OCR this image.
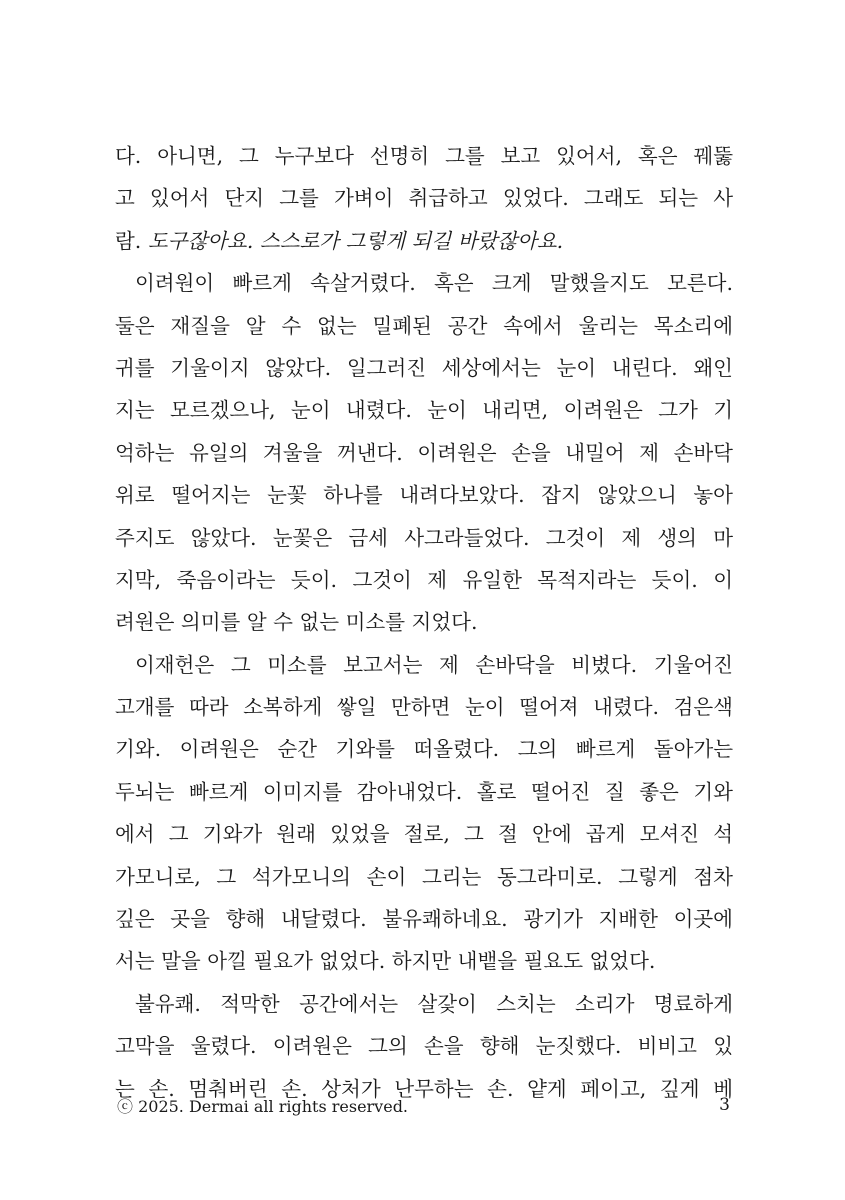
다. 아니면, 그 누구보다 선명히 그를 보고 있어서, 혹은 꿰뚫
고 있어서 단지 그를 가벼이 취급하고 있었다. 그래도 되는 사
람. 도구잖아요. 스스로가 그렇게 되길 바랐잖아요.
이려원이 빠르게 속살거렸다. 혹은 크게 말했을지도 모른다.
둘은 재질을 알 수 없는 밀폐된 공간 속에서 울리는 목소리에
귀를 기울이지 않았다. 일그러진 세상에서는 눈이 내린다. 왜인
지는 모르겠으나, 눈이 내렸다. 눈이 내리면, 이려원은 그가 기
억하는 유일의 겨울을 꺼낸다. 이려원은 손을 내밀어 제 손바닥
위로 떨어지는 눈꽃 하나를 내려다보았다. 잡지 않았으니 놓아
주지도 않았다. 눈꽃은 금세 사그라들었다. 그것이 제 생의 마
지막, 죽음이라는 듯이. 그것이 제 유일한 목적지라는 듯이. 이
려원은 의미를 알 수 없는 미소를 지었다.
이재헌은 그 미소를 보고서는 제 손바닥을 비볐다. 기울어진
고개를 따라 소복하게 쌓일 만하면 눈이 떨어져 내렸다. 검은색
기와. 이려원은 순간 기와를 떠올렸다. 그의 빠르게 돌아가는
두뇌는 빠르게 이미지를 감아내었다. 홀로 떨어진 질 좋은 기와
에서 그 기와가 원래 있었을 절로, 그 절 안에 곱게 모셔진 석
가모니로, 그 석가모니의 손이 그리는 동그라미로. 그렇게 점차
깊은 곳을 향해 내달렸다. 불유쾌하네요. 광기가 지배한 이곳에
서는 말을 아낄 필요가 없었다. 하지만 내뱉을 필요도 없었다.
불유쾌. 적막한 공간에서는 살갗이 스치는 소리가 명료하게
고막을 울렸다. 이려원은 그의 손을 향해 눈짓했다. 비비고 있
는 손. 멈춰버린 손. 상처가 난무하는 손. 얕게 페이고, 깊게 베
ⓒ 2025. Dermai all rights reserved.	3
